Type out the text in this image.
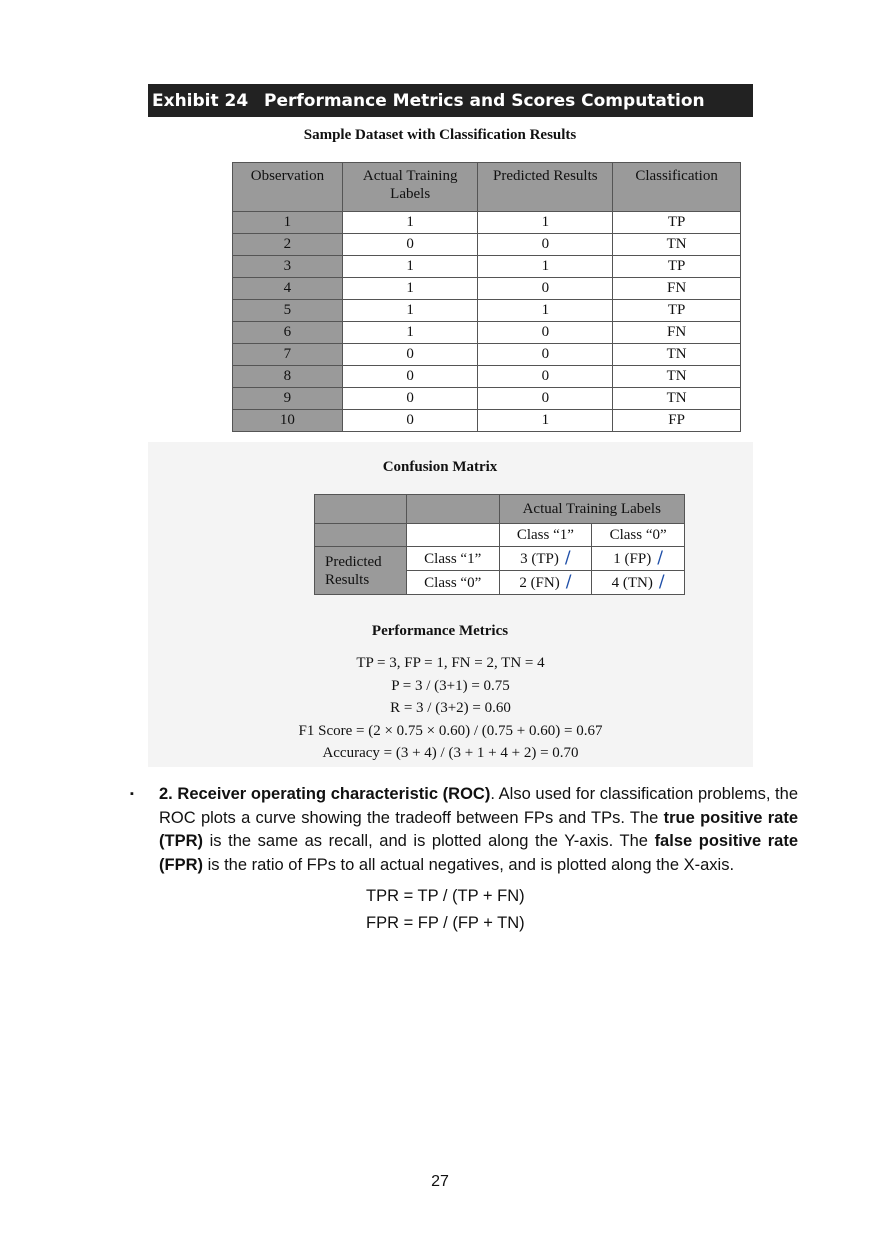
Exhibit 24 Performance Metrics and Scores Computation
Sample Dataset with Classification Results
Observation	Actual Training Labels	Predicted Results	Classification
1	1	1	TP
2	0	0	TN
3	1	1	TP
4	1	0	FN
5	1	1	TP
6	1	0	FN
7	0	0	TN
8	0	0	TN
9	0	0	TN
10	0	1	FP
Confusion Matrix
		Actual Training Labels	
		Class “1”	Class “0”
Predicted Results	Class “1”	3 (TP) /	1 (FP) /
	Class “0”	2 (FN) /	4 (TN) /
Performance Metrics
TP = 3, FP = 1, FN = 2, TN = 4
P = 3 / (3+1) = 0.75
R = 3 / (3+2) = 0.60
F1 Score = (2 × 0.75 × 0.60) / (0.75 + 0.60) = 0.67
Accuracy = (3 + 4) / (3 + 1 + 4 + 2) = 0.70
▪ 2. Receiver operating characteristic (ROC). Also used for classification problems, the ROC plots a curve showing the tradeoff between FPs and TPs. The true positive rate (TPR) is the same as recall, and is plotted along the Y-axis. The false positive rate (FPR) is the ratio of FPs to all actual negatives, and is plotted along the X-axis.
TPR = TP / (TP + FN)
FPR = FP / (FP + TN)
27
